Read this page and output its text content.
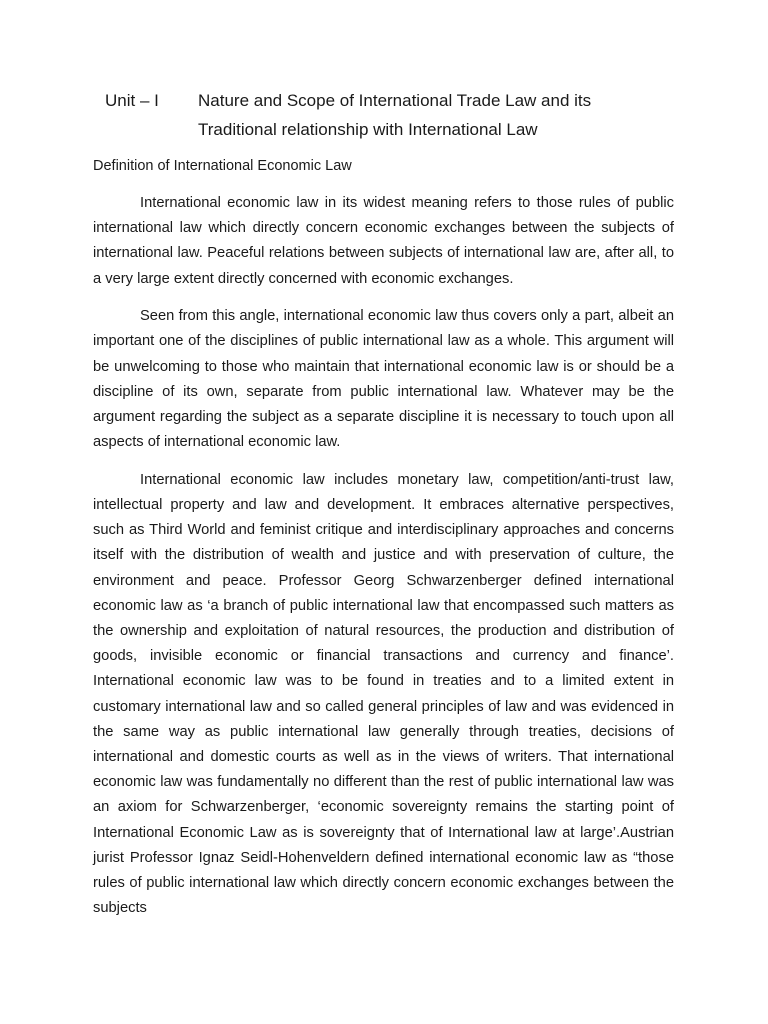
Unit – I Nature and Scope of International Trade Law and its
Traditional relationship with International Law
Definition of International Economic Law

International economic law in its widest meaning refers to those rules of public international law which directly concern economic exchanges between the subjects of international law. Peaceful relations between subjects of international law are, after all, to a very large extent directly concerned with economic exchanges.

Seen from this angle, international economic law thus covers only a part, albeit an important one of the disciplines of public international law as a whole. This argument will be unwelcoming to those who maintain that international economic law is or should be a discipline of its own, separate from public international law. Whatever may be the argument regarding the subject as a separate discipline it is necessary to touch upon all aspects of international economic law.

International economic law includes monetary law, competition/anti-trust law, intellectual property and law and development. It embraces alternative perspectives, such as Third World and feminist critique and interdisciplinary approaches and concerns itself with the distribution of wealth and justice and with preservation of culture, the environment and peace. Professor Georg Schwarzenberger defined international economic law as ‘a branch of public international law that encompassed such matters as the ownership and exploitation of natural resources, the production and distribution of goods, invisible economic or financial transactions and currency and finance’. International economic law was to be found in treaties and to a limited extent in customary international law and so called general principles of law and was evidenced in the same way as public international law generally through treaties, decisions of international and domestic courts as well as in the views of writers. That international economic law was fundamentally no different than the rest of public international law was an axiom for Schwarzenberger, ‘economic sovereignty remains the starting point of International Economic Law as is sovereignty that of International law at large’.Austrian jurist Professor Ignaz Seidl-Hohenveldern defined international economic law as “those rules of public international law which directly concern economic exchanges between the subjects
